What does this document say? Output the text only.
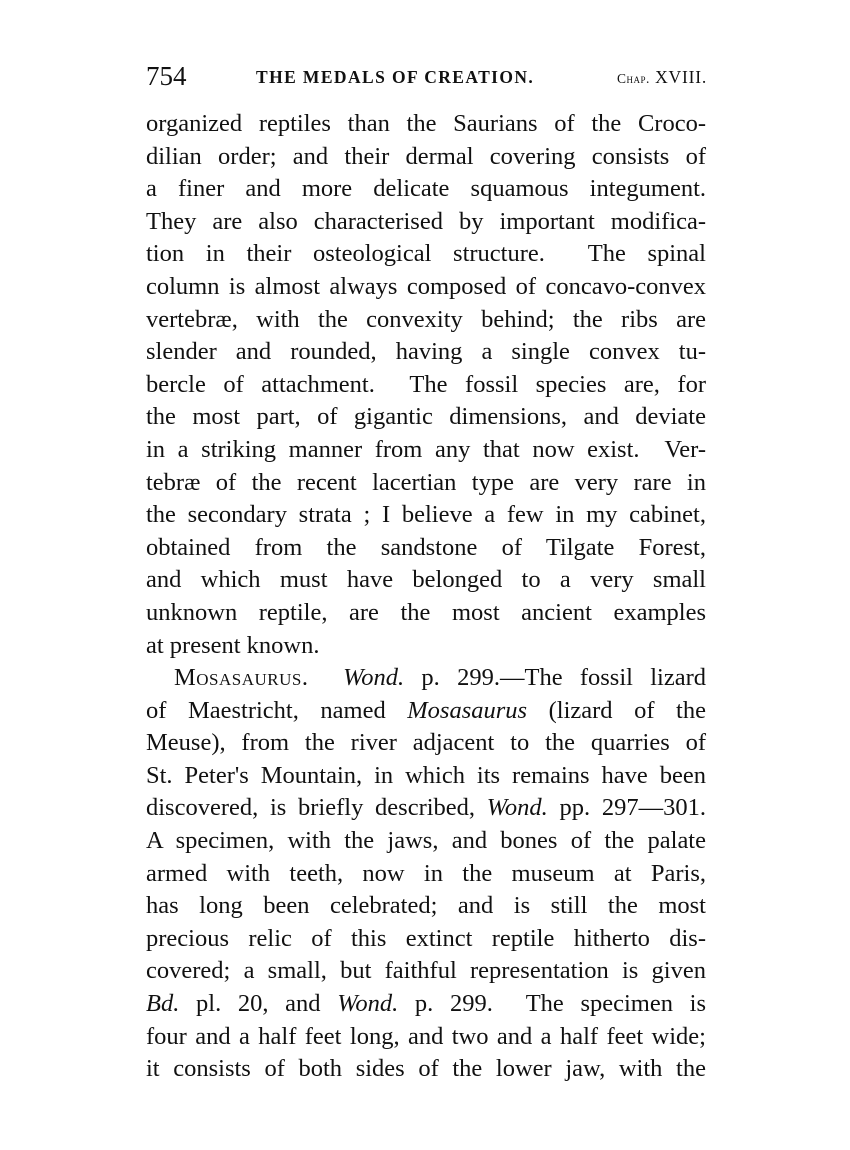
754	THE MEDALS OF CREATION.	Chap. XVIII.
organized reptiles than the Saurians of the Croco-
dilian order; and their dermal covering consists of
a finer and more delicate squamous integument.
They are also characterised by important modifica-
tion in their osteological structure.  The spinal
column is almost always composed of concavo-convex
vertebræ, with the convexity behind; the ribs are
slender and rounded, having a single convex tu-
bercle of attachment.  The fossil species are, for
the most part, of gigantic dimensions, and deviate
in a striking manner from any that now exist.  Ver-
tebræ of the recent lacertian type are very rare in
the secondary strata ; I believe a few in my cabinet,
obtained from the sandstone of Tilgate Forest,
and which must have belonged to a very small
unknown reptile, are the most ancient examples
at present known.
Mosasaurus. Wond. p. 299.—The fossil lizard
of Maestricht, named Mosasaurus (lizard of the
Meuse), from the river adjacent to the quarries of
St. Peter's Mountain, in which its remains have been
discovered, is briefly described, Wond. pp. 297—301.
A specimen, with the jaws, and bones of the palate
armed with teeth, now in the museum at Paris,
has long been celebrated; and is still the most
precious relic of this extinct reptile hitherto dis-
covered; a small, but faithful representation is given
Bd. pl. 20, and Wond. p. 299.  The specimen is
four and a half feet long, and two and a half feet wide;
it consists of both sides of the lower jaw, with the
